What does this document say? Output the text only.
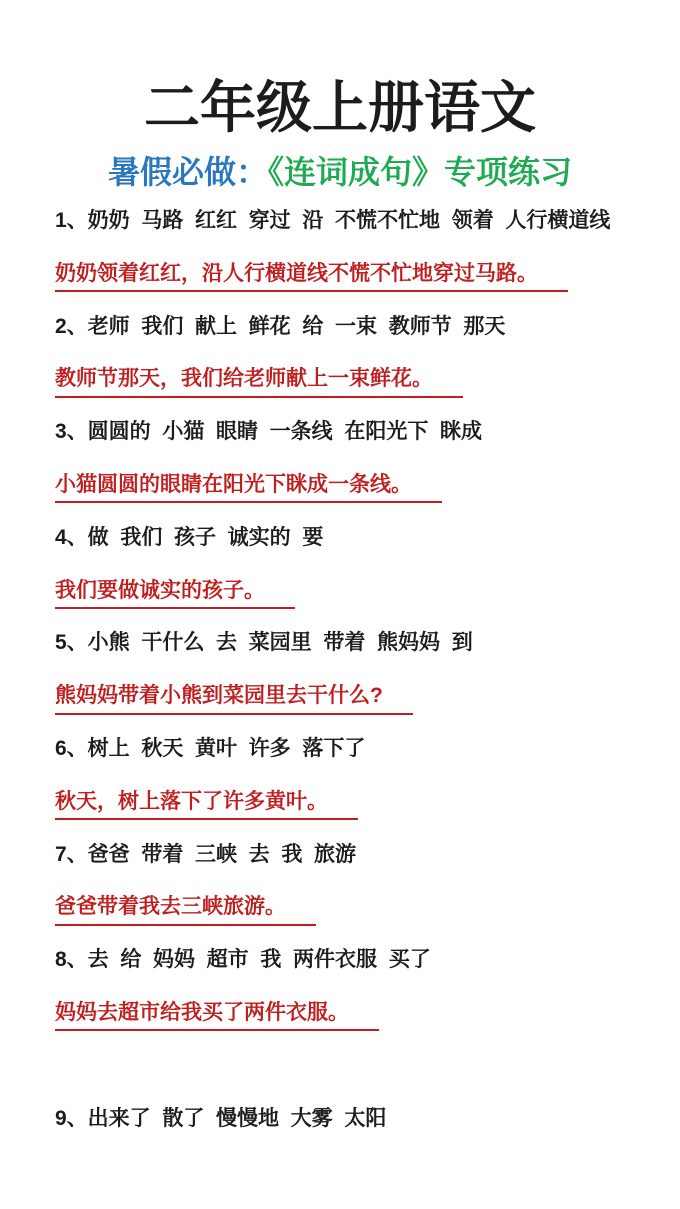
二年级上册语文
暑假必做：《连词成句》专项练习

1、奶奶  马路  红红  穿过  沿  不慌不忙地  领着  人行横道线

奶奶领着红红，沿人行横道线不慌不忙地穿过马路。

2、老师  我们  献上  鲜花  给  一束  教师节  那天

教师节那天，我们给老师献上一束鲜花。

3、圆圆的  小猫  眼睛  一条线  在阳光下  眯成

小猫圆圆的眼睛在阳光下眯成一条线。

4、做  我们  孩子  诚实的  要

我们要做诚实的孩子。

5、小熊  干什么  去  菜园里  带着  熊妈妈  到

熊妈妈带着小熊到菜园里去干什么?

6、树上  秋天  黄叶  许多  落下了

秋天，树上落下了许多黄叶。

7、爸爸  带着  三峡  去  我  旅游

爸爸带着我去三峡旅游。

8、去  给  妈妈  超市  我  两件衣服  买了

妈妈去超市给我买了两件衣服。

9、出来了  散了  慢慢地  大雾  太阳
